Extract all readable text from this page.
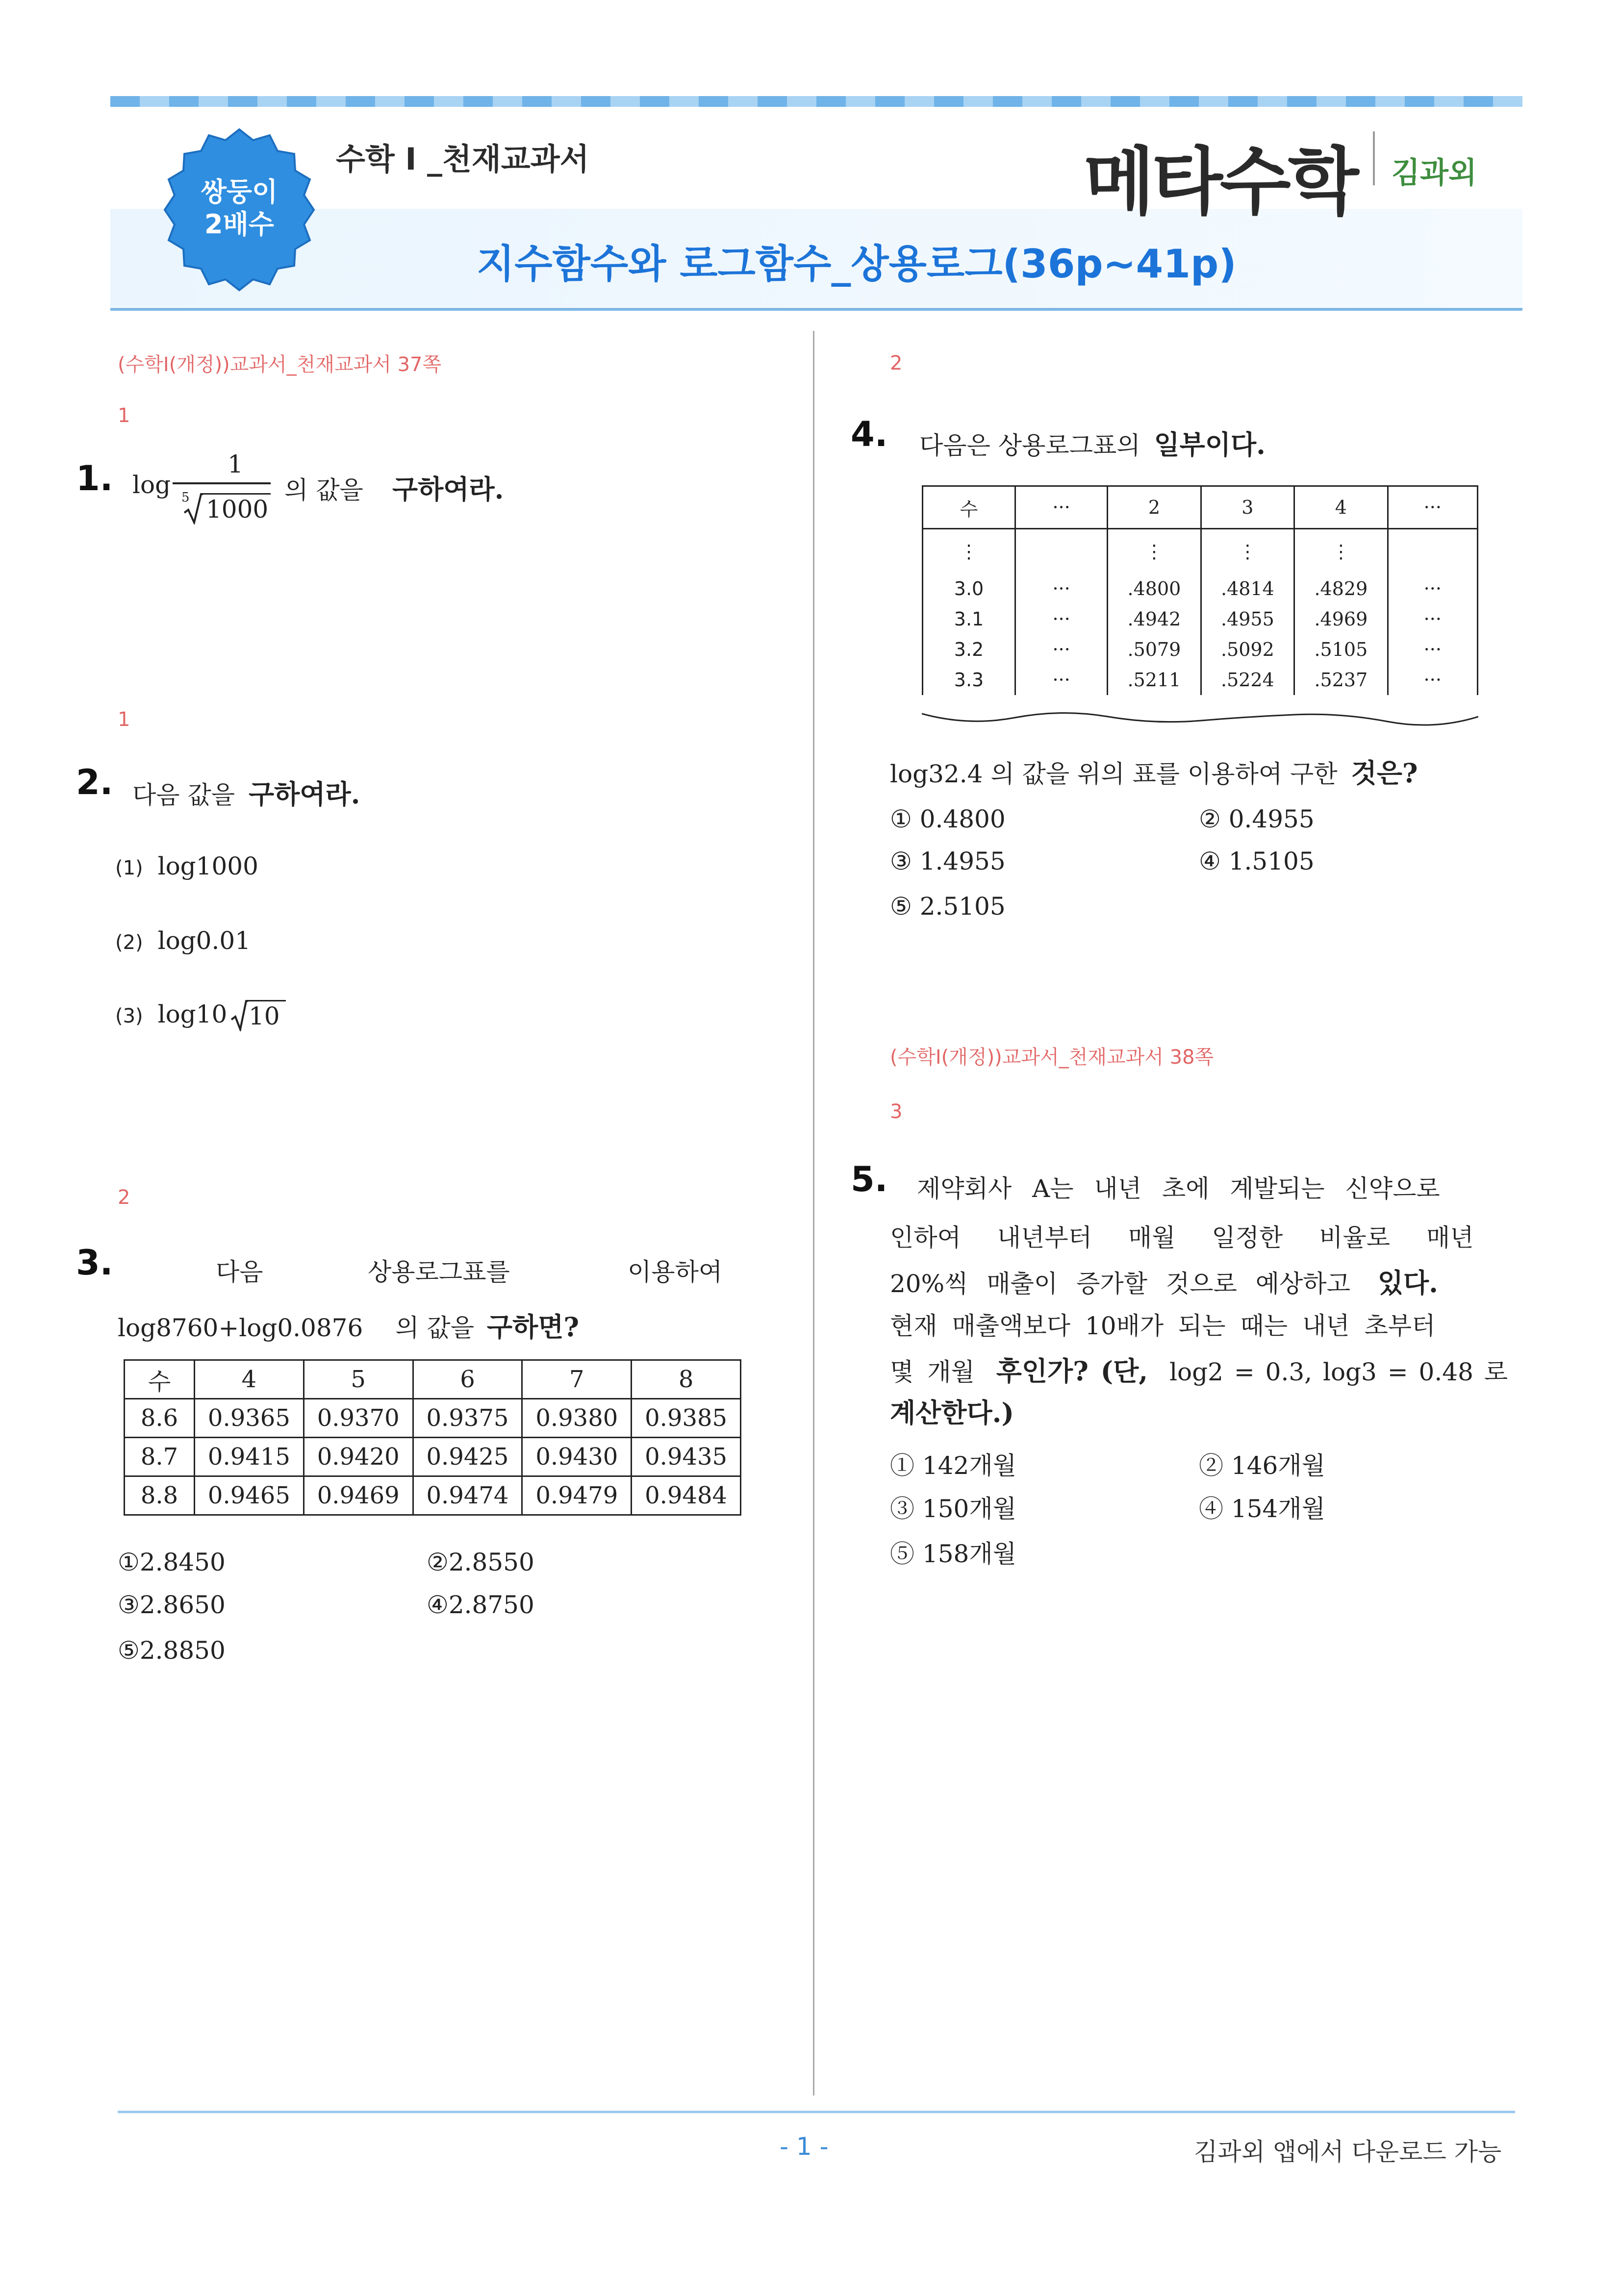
쌍둥이
2배수
수학 I _천재교과서
지수함수와 로그함수_상용로그(36p~41p)
메타수학 김과외
(수학I(개정))교과서_천재교과서 37쪽
1
1. log
1
5 1000
의 값을 구하여라.
1
2. 다음 값을 구하여라.
(1) log1000
(2) log0.01
(3) log10 10
2
3.	다음	상용로그표를	이용하여
log8760+log0.0876 의 값을 구하면?
수	4	5	6	7	8
8.6	0.9365	0.9370	0.9375	0.9380	0.9385
8.7	0.9415	0.9420	0.9425	0.9430	0.9435
8.8	0.9465	0.9469	0.9474	0.9479	0.9484
①2.8450	②2.8550
③2.8650	④2.8750
⑤2.8850
2
4. 다음은 상용로그표의 일부이다.
수	···	2	3	4	···
⋮		⋮	⋮	⋮	
3.0	···	.4800	.4814	.4829	···
3.1	···	.4942	.4955	.4969	···
3.2	···	.5079	.5092	.5105	···
3.3	···	.5211	.5224	.5237	···
log32.4 의 값을 위의 표를 이용하여 구한 것은?
① 0.4800	② 0.4955
③ 1.4955	④ 1.5105
⑤ 2.5105
(수학I(개정))교과서_천재교과서 38쪽
3
5. 제약회사 A는 내년 초에 계발되는 신약으로
인하여 내년부터 매월 일정한 비율로 매년
20%씩 매출이 증가할 것으로 예상하고 있다.
현재 매출액보다 10배가 되는 때는 내년 초부터
몇 개월 후인가? (단, log2 = 0.3, log3 = 0.48 로
계산한다.)
① 142개월	② 146개월
③ 150개월	④ 154개월
⑤ 158개월
- 1 -	김과외 앱에서 다운로드 가능
